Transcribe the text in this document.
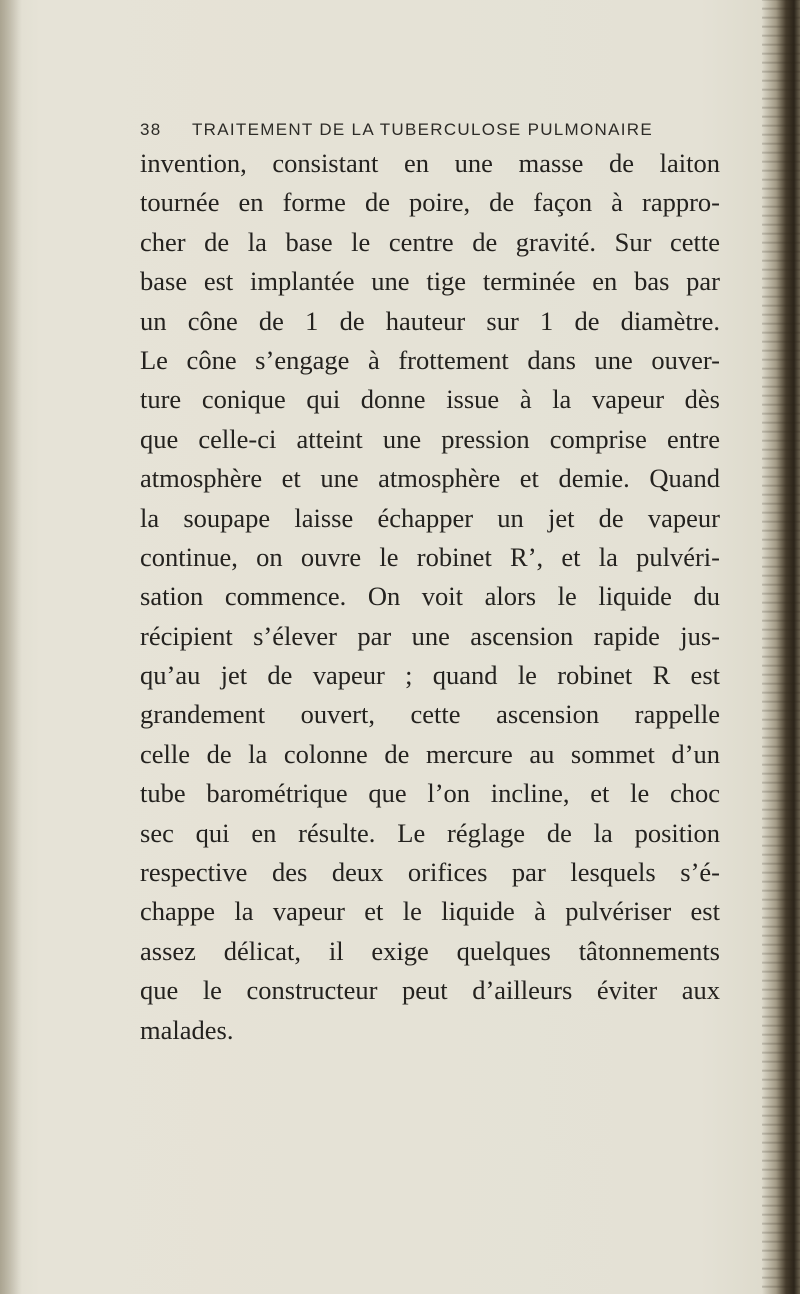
38 TRAITEMENT DE LA TUBERCULOSE PULMONAIRE
invention, consistant en une masse de laiton
tournée en forme de poire, de façon à rappro-
cher de la base le centre de gravité. Sur cette
base est implantée une tige terminée en bas par
un cône de 1 de hauteur sur 1 de diamètre.
Le cône s’engage à frottement dans une ouver-
ture conique qui donne issue à la vapeur dès
que celle-ci atteint une pression comprise entre
atmosphère et une atmosphère et demie. Quand
la soupape laisse échapper un jet de vapeur
continue, on ouvre le robinet R’, et la pulvéri-
sation commence. On voit alors le liquide du
récipient s’élever par une ascension rapide jus-
qu’au jet de vapeur ; quand le robinet R est
grandement ouvert, cette ascension rappelle
celle de la colonne de mercure au sommet d’un
tube barométrique que l’on incline, et le choc
sec qui en résulte. Le réglage de la position
respective des deux orifices par lesquels s’é-
chappe la vapeur et le liquide à pulvériser est
assez délicat, il exige quelques tâtonnements
que le constructeur peut d’ailleurs éviter aux
malades.
